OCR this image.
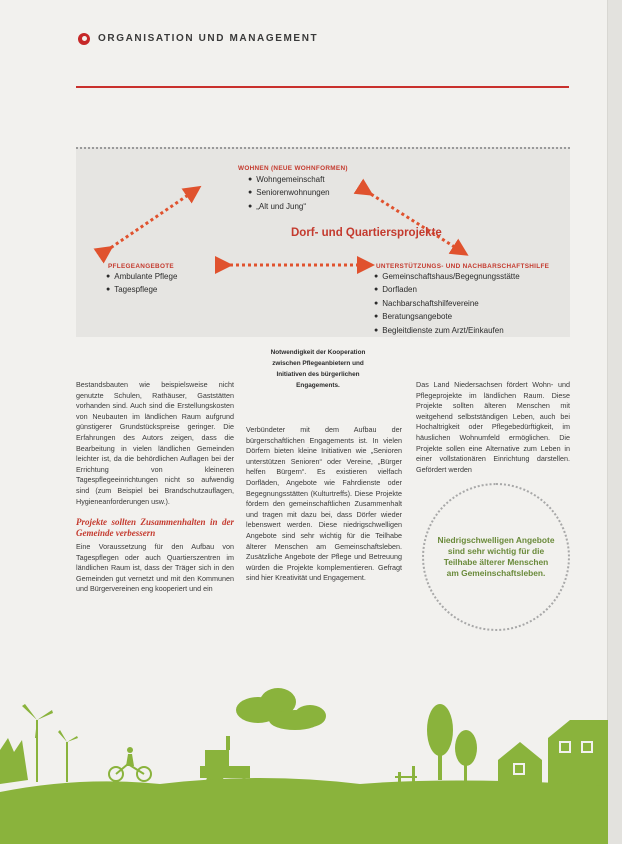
ORGANISATION UND MANAGEMENT
WOHNEN (NEUE WOHNFORMEN)
● Wohngemeinschaft
● Seniorenwohnungen
● „Alt und Jung“
Dorf- und Quartiersprojekte
PFLEGEANGEBOTE
● Ambulante Pflege
● Tagespflege
UNTERSTÜTZUNGS- UND NACHBARSCHAFTSHILFE
● Gemeinschaftshaus/Begegnungsstätte
● Dorfladen
● Nachbarschaftshilfevereine
● Beratungsangebote
● Begleitdienste zum Arzt/Einkaufen
Notwendigkeit der Kooperation zwischen Pflegeanbietern und Initiativen des bürgerlichen Engagements.

Bestandsbauten wie beispielsweise nicht genutzte Schulen, Rathäuser, Gaststätten vorhanden sind. Auch sind die Erstellungskosten von Neubauten im ländlichen Raum aufgrund günstigerer Grundstückspreise geringer. Die Erfahrungen des Autors zeigen, dass die Bearbeitung in vielen ländlichen Gemeinden leichter ist, da die behördlichen Auflagen bei der Errichtung von kleineren Tagespflegeeinrichtungen nicht so aufwendig sind (zum Beispiel bei Brandschutzauflagen, Hygieneanforderungen usw.).

Projekte sollten Zusammenhalten in der Gemeinde verbessern

Eine Voraussetzung für den Aufbau von Tagespflegen oder auch Quartierszentren im ländlichen Raum ist, dass der Träger sich in den Gemeinden gut vernetzt und mit den Kommunen und Bürgervereinen eng kooperiert und ein

Verbündeter mit dem Aufbau der bürgerschaftlichen Engagements ist. In vielen Dörfern bieten kleine Initiativen wie „Senioren unterstützen Senioren“ oder Vereine, „Bürger helfen Bürgern“. Es existieren vielfach Dorfläden, Angebote wie Fahrdienste oder Begegnungsstätten (Kulturtreffs). Diese Projekte fördern den gemeinschaftlichen Zusammenhalt und tragen mit dazu bei, dass Dörfer wieder lebenswert werden. Diese niedrigschwelligen Angebote sind sehr wichtig für die Teilhabe älterer Menschen am Gemeinschaftsleben. Zusätzliche Angebote der Pflege und Betreuung würden die Projekte komplementieren. Gefragt sind hier Kreativität und Engagement.

Das Land Niedersachsen fördert Wohn- und Pflegeprojekte im ländlichen Raum. Diese Projekte sollten älteren Menschen mit weitgehend selbstständigen Leben, auch bei Hochaltrigkeit oder Pflegebedürftigkeit, im häuslichen Wohnumfeld ermöglichen. Die Projekte sollen eine Alternative zum Leben in einer vollstationären Einrichtung darstellen. Gefördert werden

Niedrigschwelligen Angebote sind sehr wichtig für die Teilhabe älterer Menschen am Gemeinschaftsleben.
